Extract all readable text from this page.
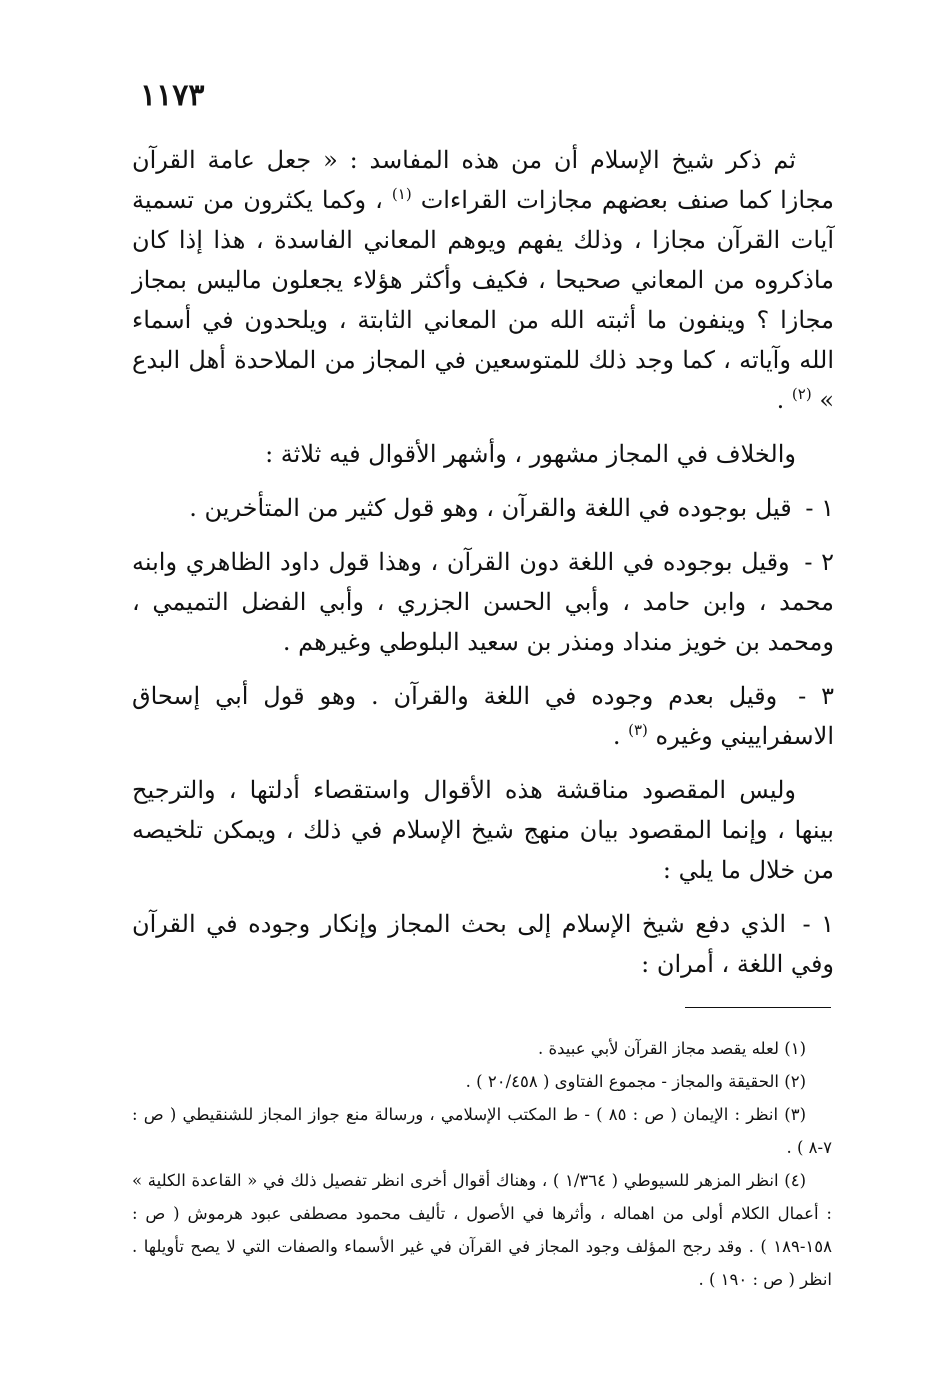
١١٧٣

ثم ذكر شيخ الإسلام أن من هذه المفاسد : « جعل عامة القرآن مجازا كما صنف بعضهم مجازات القراءات $^{(١)}$ ، وكما يكثرون من تسمية آيات القرآن مجازا ، وذلك يفهم ويوهم المعاني الفاسدة ، هذا إذا كان ماذكروه من المعاني صحيحا ، فكيف وأكثر هؤلاء يجعلون ماليس بمجاز مجازا ؟ وينفون ما أثبته الله من المعاني الثابتة ، ويلحدون في أسماء الله وآياته ، كما وجد ذلك للمتوسعين في المجاز من الملاحدة أهل البدع » $^{(٢)}$ .

والخلاف في المجاز مشهور ، وأشهر الأقوال فيه ثلاثة :

١ - قيل بوجوده في اللغة والقرآن ، وهو قول كثير من المتأخرين .

٢ - وقيل بوجوده في اللغة دون القرآن ، وهذا قول داود الظاهري وابنه محمد ، وابن حامد ، وأبي الحسن الجزري ، وأبي الفضل التميمي ، ومحمد بن خويز منداد ومنذر بن سعيد البلوطي وغيرهم .

٣ - وقيل بعدم وجوده في اللغة والقرآن . وهو قول أبي إسحاق الاسفراييني وغيره $^{(٣)}$ .

وليس المقصود مناقشة هذه الأقوال واستقصاء أدلتها ، والترجيح بينها ، وإنما المقصود بيان منهج شيخ الإسلام في ذلك ، ويمكن تلخيصه من خلال ما يلي :

١ - الذي دفع شيخ الإسلام إلى بحث المجاز وإنكار وجوده في القرآن وفي اللغة ، أمران :

(١) لعله يقصد مجاز القرآن لأبي عبيدة .

(٢) الحقيقة والمجاز - مجموع الفتاوى ( ٢٠/٤٥٨ ) .

(٣) انظر : الإيمان ( ص : ٨٥ ) - ط المكتب الإسلامي ، ورسالة منع جواز المجاز للشنقيطي ( ص : ٧-٨ ) .

(٤) انظر المزهر للسيوطي ( ١/٣٦٤ ) ، وهناك أقوال أخرى انظر تفصيل ذلك في « القاعدة الكلية » : أعمال الكلام أولى من اهماله ، وأثرها في الأصول ، تأليف محمود مصطفى عبود هرموش ( ص : ١٥٨-١٨٩ ) . وقد رجح المؤلف وجود المجاز في القرآن في غير الأسماء والصفات التي لا يصح تأويلها . انظر ( ص : ١٩٠ ) .
